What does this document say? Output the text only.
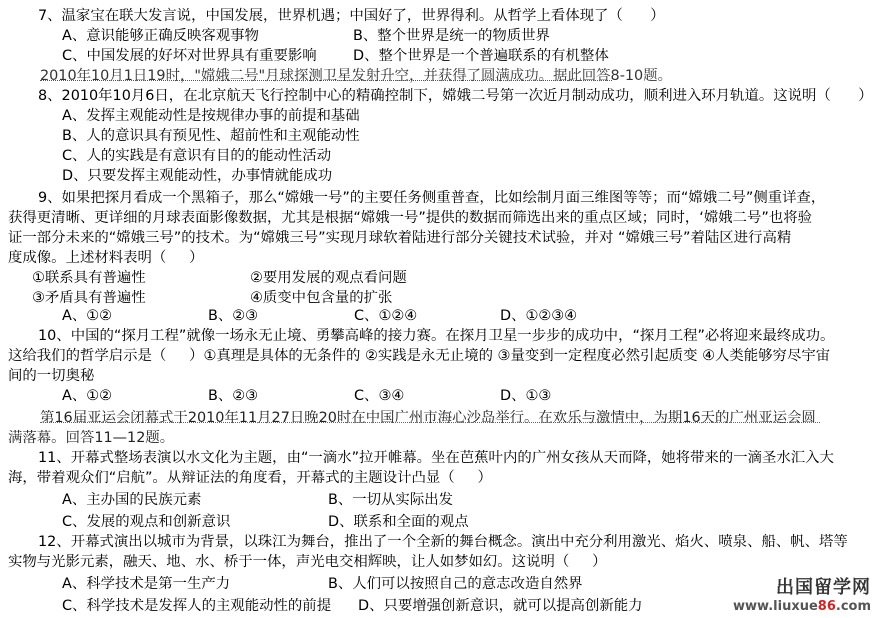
7、温家宝在联大发言说，中国发展，世界机遇；中国好了，世界得利。从哲学上看体现了（      ）
A、意识能够正确反映客观事物	B、整个世界是统一的物质世界
C、中国发展的好坏对世界具有重要影响	D、整个世界是一个普遍联系的有机整体
2010年10月1日19时，"嫦娥二号"月球探测卫星发射升空，并获得了圆满成功。据此回答8-10题。
8、2010年10月6日，在北京航天飞行控制中心的精确控制下，嫦娥二号第一次近月制动成功，顺利进入环月轨道。这说明（      ）
A、发挥主观能动性是按规律办事的前提和基础
B、人的意识具有预见性、超前性和主观能动性
C、人的实践是有意识有目的的能动性活动
D、只要发挥主观能动性，办事情就能成功
9、如果把探月看成一个黑箱子，那么“嫦娥一号”的主要任务侧重普查，比如绘制月面三维图等等；而“嫦娥二号”侧重详查，
获得更清晰、更详细的月球表面影像数据，尤其是根据“嫦娥一号”提供的数据而筛选出来的重点区域；同时，‘嫦娥二号”也将验
证一部分未来的“嫦娥三号”的技术。为“嫦娥三号”实现月球软着陆进行部分关键技术试验，并对 “嫦娥三号”着陆区进行高精
度成像。上述材料表明（     ）
①联系具有普遍性	②要用发展的观点看问题
③矛盾具有普遍性	④质变中包含量的扩张
A、①②	B、②③	C、①②④	D、①②③④
10、中国的“探月工程”就像一场永无止境、勇攀高峰的接力赛。在探月卫星一步步的成功中，“探月工程”必将迎来最终成功。
这给我们的哲学启示是（     ）①真理是具体的无条件的 ②实践是永无止境的 ③量变到一定程度必然引起质变 ④人类能够穷尽宇宙
间的一切奥秘
A、①②	B、②③	C、③④	D、①③
第16届亚运会闭幕式于2010年11月27日晚20时在中国广州市海心沙岛举行。在欢乐与激情中，为期16天的广州亚运会圆
满落幕。回答11—12题。
11、开幕式整场表演以水文化为主题，由“一滴水”拉开帷幕。坐在芭蕉叶内的广州女孩从天而降，她将带来的一滴圣水汇入大
海，带着观众们“启航”。从辩证法的角度看，开幕式的主题设计凸显（     ）
A、主办国的民族元素	B、一切从实际出发
C、发展的观点和创新意识	D、联系和全面的观点
12、开幕式演出以城市为背景，以珠江为舞台，推出了一个全新的舞台概念。演出中充分利用激光、焰火、喷泉、船、帆、塔等
实物与光影元素，融天、地、水、桥于一体，声光电交相辉映，让人如梦如幻。这说明（     ）
A、科学技术是第一生产力	B、人们可以按照自己的意志改造自然界
C、科学技术是发挥人的主观能动性的前提 D、只要增强创新意识，就可以提高创新能力
出国留学网
www.liuxue86.com
